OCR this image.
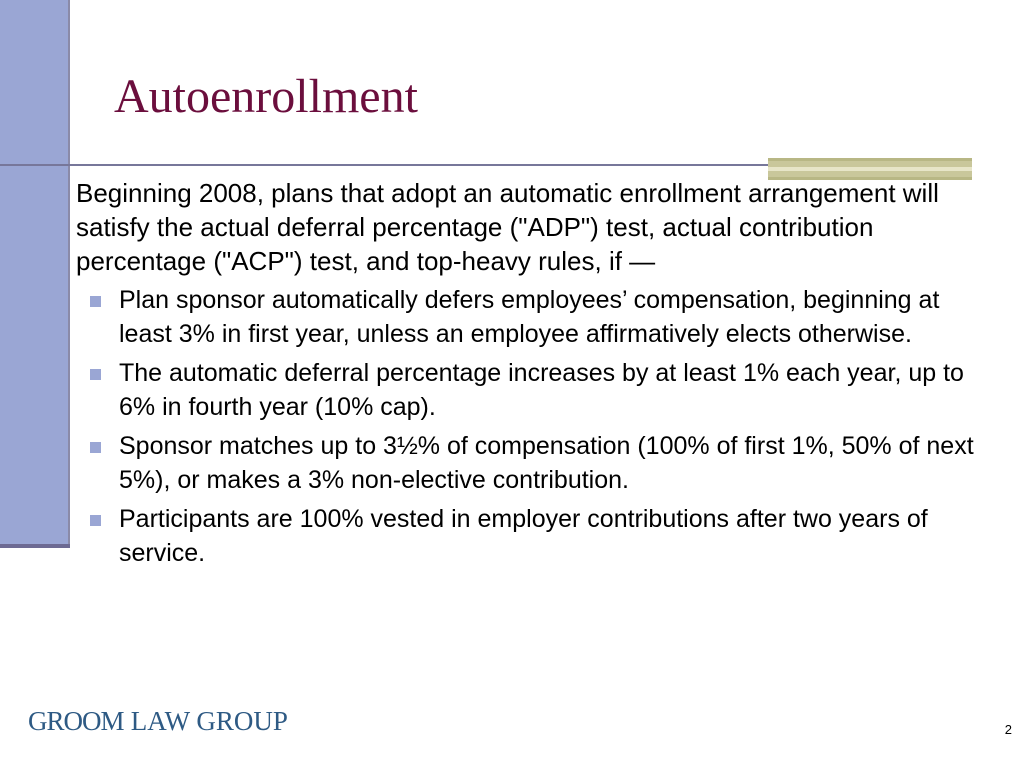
Autoenrollment

Beginning 2008, plans that adopt an automatic enrollment arrangement will satisfy the actual deferral percentage ("ADP") test, actual contribution percentage ("ACP") test, and top-heavy rules, if —

Plan sponsor automatically defers employees’ compensation, beginning at least 3% in first year, unless an employee affirmatively elects otherwise.
The automatic deferral percentage increases by at least 1% each year, up to 6% in fourth year (10% cap).
Sponsor matches up to 3½% of compensation (100% of first 1%, 50% of next 5%), or makes a 3% non-elective contribution.
Participants are 100% vested in employer contributions after two years of service.
GROOM LAW GROUP	2
